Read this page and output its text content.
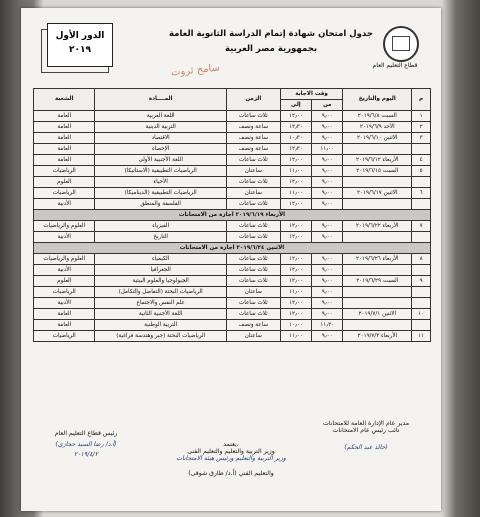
قطاع التعليم العام
جدول امتحان شهادة إتمام الدراسة الثانوية العامة
بجمهورية مصر العربية
سامح ثروت
الدور الأول
٢٠١٩
م	اليوم والتاريخ	وقت الاجابة		الزمن	المــــادة	الشعبة
		من	إلى			
١	السبت ٢٠١٩/٦/٨	٩٫٠٠	١٢٫٠٠	ثلاث ساعات	اللغة العربية	العامة
٢	الأحد ٢٠١٩/٦/٩	٩٫٠٠	١٢٫٣٠	ساعة ونصف	التربية الدينية	العامة
٣	الاثنين ٢٠١٩/٦/١٠	٩٫٠٠	١٠٫٣٠	ساعة ونصف	الاقتصاد	العامة
		١١٫٠٠	١٢٫٣٠	ساعة ونصف	الإحصاء	العامة
٤	الأربعاء ٢٠١٩/٦/١٢	٩٫٠٠	١٢٫٠٠	ثلاث ساعات	اللغة الأجنبية الأولى	العامة
٥	السبت ٢٠١٩/٦/١٥	٩٫٠٠	١١٫٠٠	ساعتان	الرياضيات التطبيقية (الاستاتيكا)	الرياضيات
		٩٫٠٠	١٢٫٠٠	ثلاث ساعات	الأحياء	العلوم
٦	الاثنين ٢٠١٩/٦/١٧	٩٫٠٠	١١٫٠٠	ساعتان	الرياضيات التطبيقية (الديناميكا)	الرياضيات
		٩٫٠٠	١٢٫٠٠	ثلاث ساعات	الفلسفة والمنطق	الأدبية
الأربعاء ٢٠١٩/٦/١٩ اجازة من الامتحانات						
٧	الأربعاء ٢٠١٩/٦/٢٢	٩٫٠٠	١٢٫٠٠	ثلاث ساعات	الفيزياء	العلوم والرياضيات
		٩٫٠٠	١٢٫٠٠	ثلاث ساعات	التاريخ	الأدبية
الاثنين ٢٠١٩/٦/٢٤ اجازة من الامتحانات						
٨	الأربعاء ٢٠١٩/٦/٢٦	٩٫٠٠	١٢٫٠٠	ثلاث ساعات	الكيمياء	العلوم والرياضيات
		٩٫٠٠	١٢٫٠٠	ثلاث ساعات	الجغرافيا	الأدبية
٩	السبت ٢٠١٩/٦/٢٩	٩٫٠٠	١٢٫٠٠	ثلاث ساعات	الجيولوجيا والعلوم البيئية	العلوم
		٩٫٠٠	١١٫٠٠	ساعتان	الرياضيات البحتة (التفاضل والتكامل)	الرياضيات
		٩٫٠٠	١٢٫٠٠	ثلاث ساعات	علم النفس والاجتماع	الأدبية
١٠	الاثنين ٢٠١٩/٧/١	٩٫٠٠	١٢٫٠٠	ثلاث ساعات	اللغة الأجنبية الثانية	العامة
		١١٫٣٠	١٠٫٠٠	ساعة ونصف	التربية الوطنية	العامة
١١	الأربعاء ٢٠١٩/٧/٣	٩٫٠٠	١١٫٠٠	ساعتان	الرياضيات البحتة (جبر وهندسة فراغية)	الرياضيات
مدير عام الإدارة العامة للامتحانات
نائب رئيس عام الامتحانات
(خالد عبد الحكم)
يعتمد،
وزير التربية والتعليم والتعليم الفنى
وزير التربية والتعليم ورئيس هيئة الامتحانات
والتعليم الفني (أ.د/ طارق شوقى)
رئيس قطاع التعليم العام
(أ.د/ رضا السيد حجازي)
٢٠١٩/٤/٢
